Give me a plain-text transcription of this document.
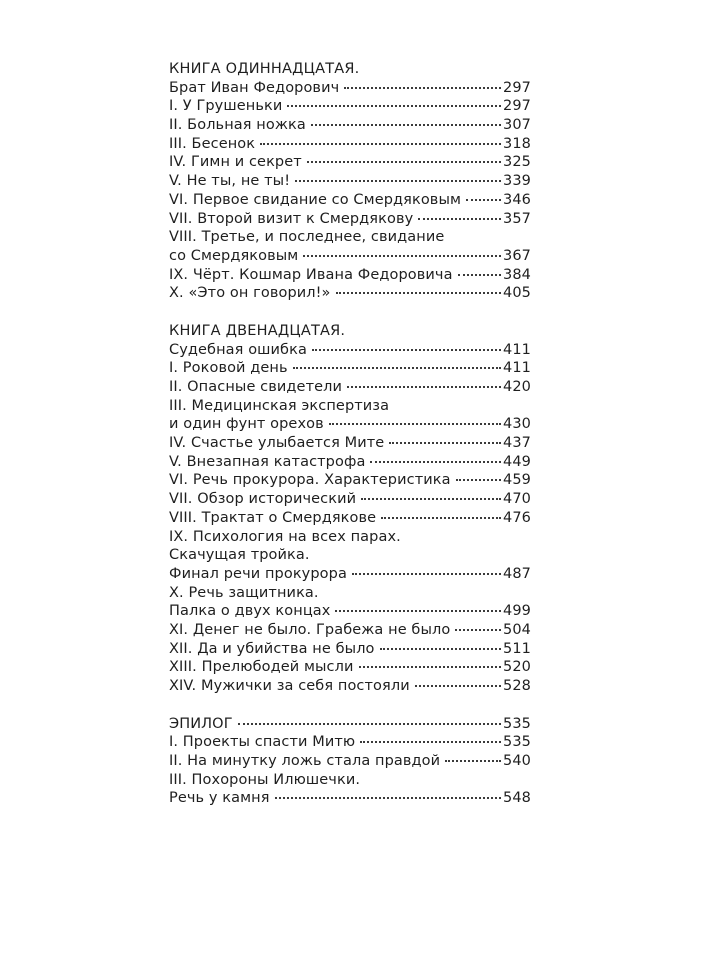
КНИГА ОДИННАДЦАТАЯ.
Брат Иван Федорович	297
I. У Грушеньки	297
II. Больная ножка	307
III. Бесенок	318
IV. Гимн и секрет	325
V. Не ты, не ты!	339
VI. Первое свидание со Смердяковым	346
VII. Второй визит к Смердякову	357
VIII. Третье, и последнее, свидание
со Смердяковым	367
IX. Чёрт. Кошмар Ивана Федоровича	384
X. «Это он говорил!»	405
КНИГА ДВЕНАДЦАТАЯ.
Судебная ошибка	411
I. Роковой день	411
II. Опасные свидетели	420
III. Медицинская экспертиза
и один фунт орехов	430
IV. Счастье улыбается Мите	437
V. Внезапная катастрофа	449
VI. Речь прокурора. Характеристика	459
VII. Обзор исторический	470
VIII. Трактат о Смердякове	476
IX. Психология на всех парах.
Скачущая тройка.
Финал речи прокурора	487
X. Речь защитника.
Палка о двух концах	499
XI. Денег не было. Грабежа не было	504
XII. Да и убийства не было	511
XIII. Прелюбодей мысли	520
XIV. Мужички за себя постояли	528
ЭПИЛОГ	535
I. Проекты спасти Митю	535
II. На минутку ложь стала правдой	540
III. Похороны Илюшечки.
Речь у камня	548
